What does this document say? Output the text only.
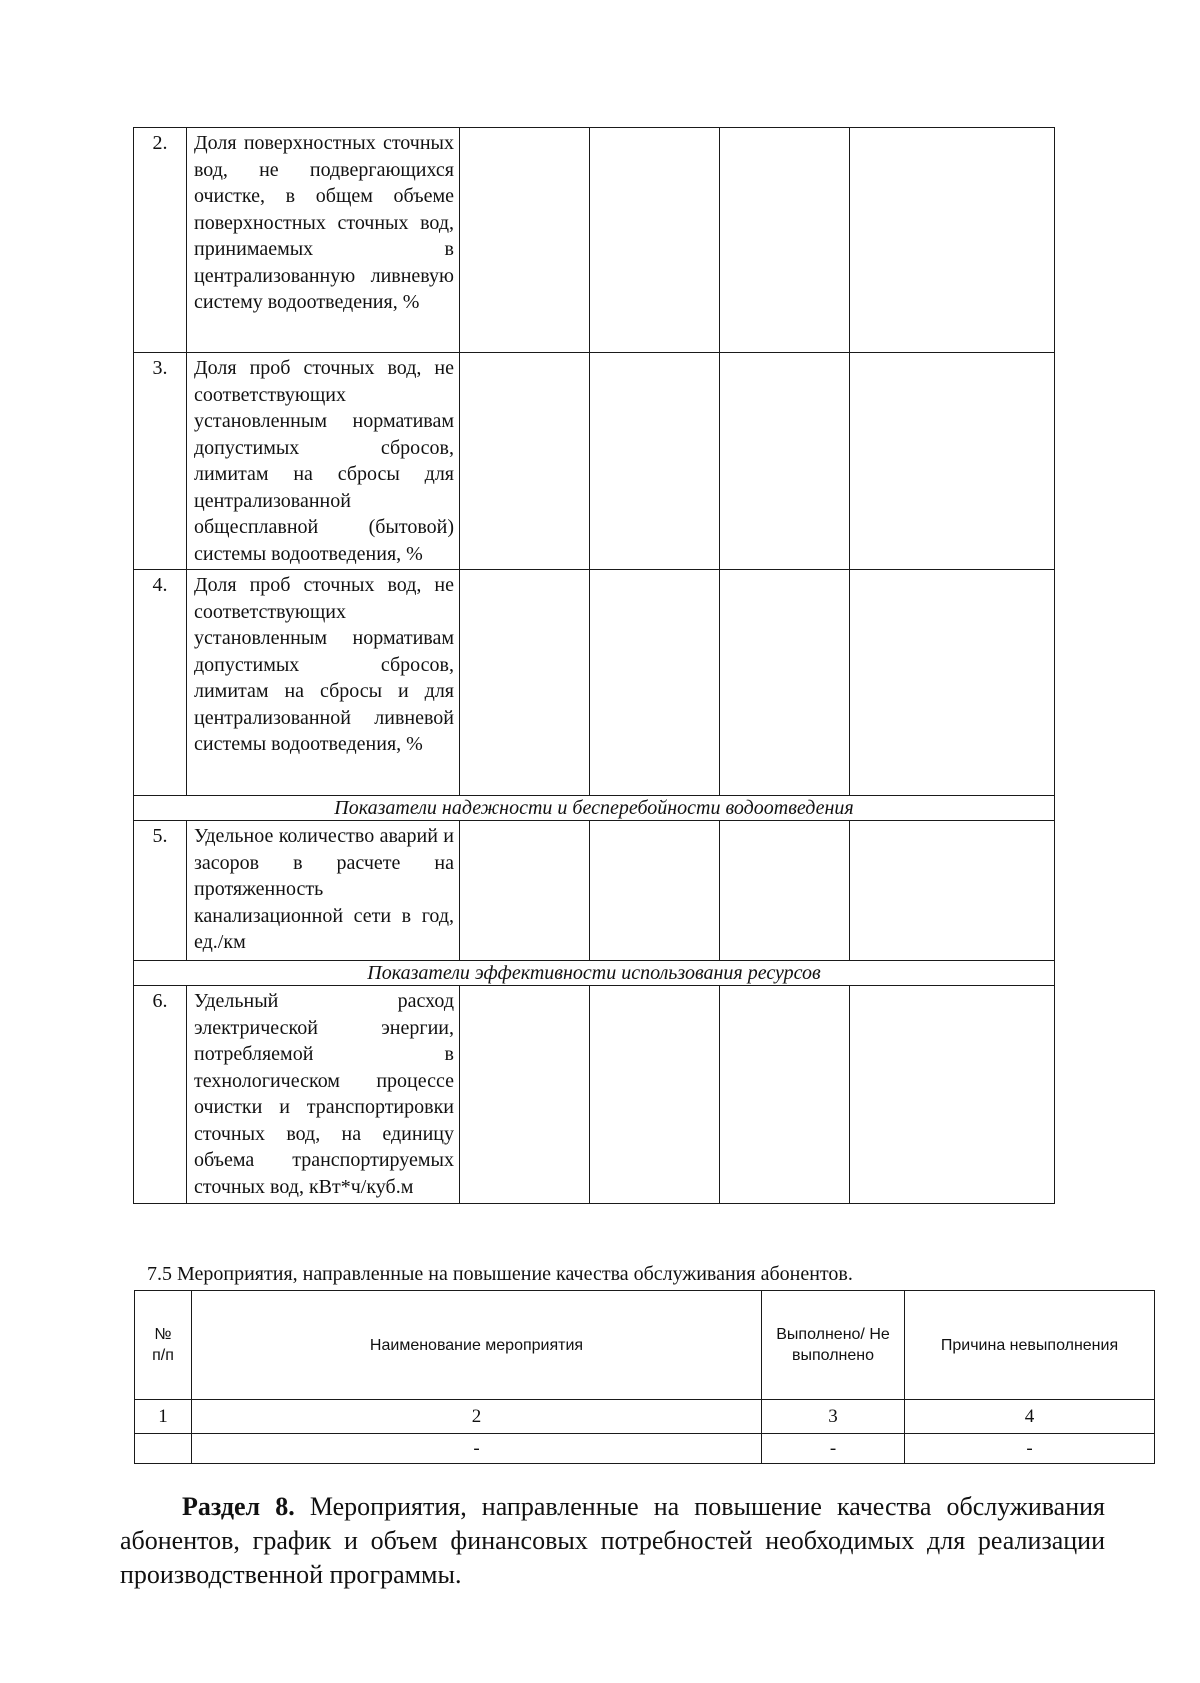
2.	Доля поверхностных сточных вод, не подвергающихся очистке, в общем объеме поверхностных сточных вод, принимаемых в централизованную ливневую систему водоотведения, %				

3.	Доля проб сточных вод, не соответствующих установленным нормативам допустимых сбросов, лимитам на сбросы для централизованной общесплавной (бытовой) системы водоотведения, %				

4.	Доля проб сточных вод, не соответствующих установленным нормативам допустимых сбросов, лимитам на сбросы и для централизованной ливневой системы водоотведения, %				

Показатели надежности и бесперебойности водоотведения					
5.	Удельное количество аварий и засоров в расчете на протяженность канализационной сети в год, ед./км				

Показатели эффективности использования ресурсов					
6.	Удельный расход электрической энергии, потребляемой в технологическом процессе очистки и транспортировки сточных вод, на единицу объема транспортируемых сточных вод, кВт*ч/куб.м				

7.5 Мероприятия, направленные на повышение качества обслуживания абонентов.
№ п/п	Наименование мероприятия	Выполнено/ Не выполнено	Причина невыполнения
1	2	3	4
	-	-	-
Раздел 8. Мероприятия, направленные на повышение качества обслуживания абонентов, график и объем финансовых потребностей необходимых для реализации производственной программы.
